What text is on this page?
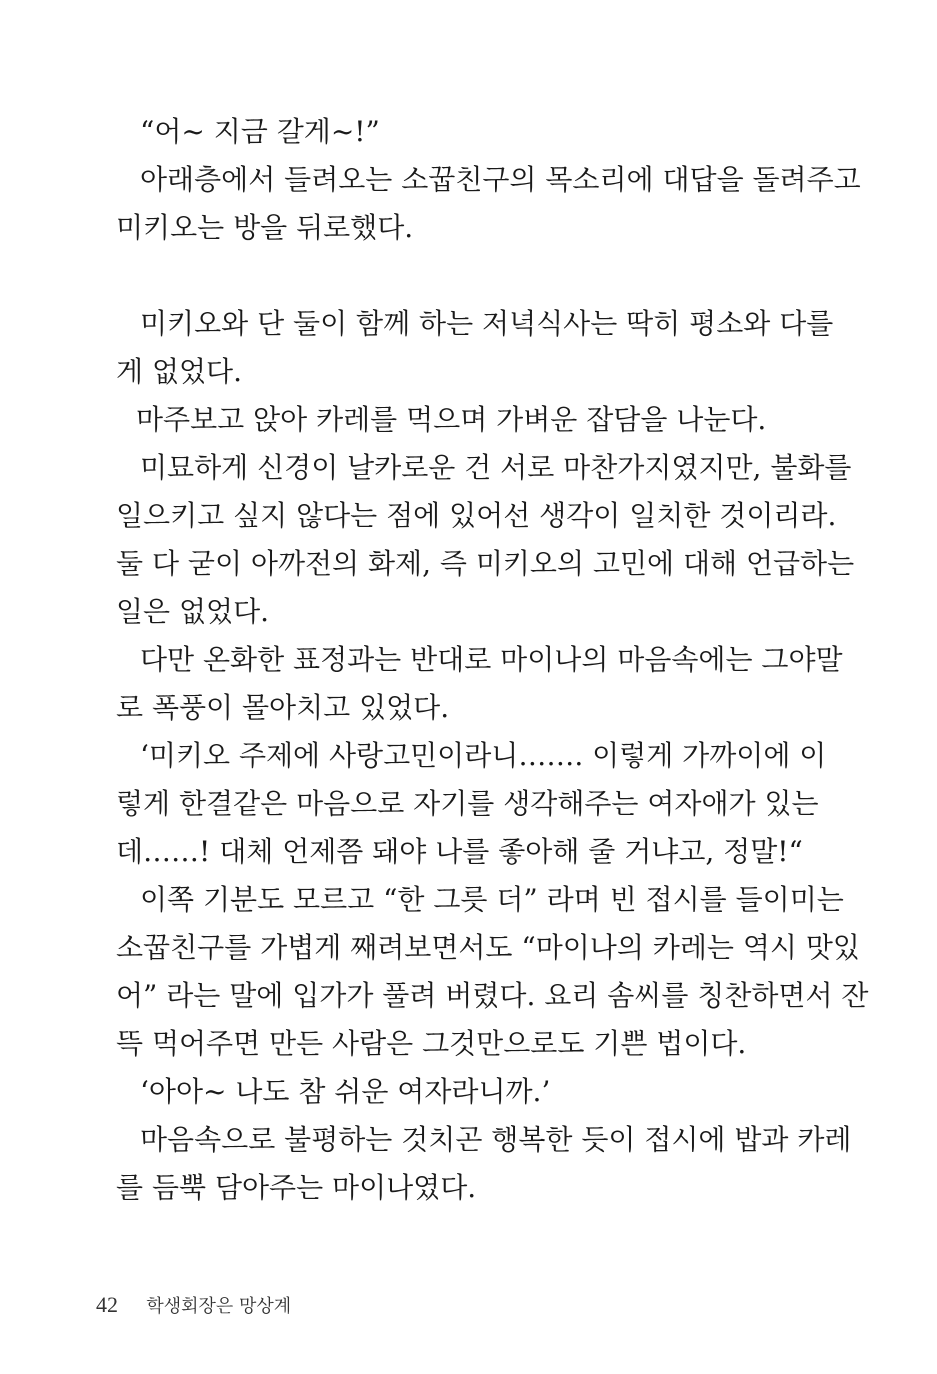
“어~ 지금 갈게~!”
아래층에서 들려오는 소꿉친구의 목소리에 대답을 돌려주고
미키오는 방을 뒤로했다.
미키오와 단 둘이 함께 하는 저녁식사는 딱히 평소와 다를
게 없었다.
마주보고 앉아 카레를 먹으며 가벼운 잡담을 나눈다.
미묘하게 신경이 날카로운 건 서로 마찬가지였지만, 불화를
일으키고 싶지 않다는 점에 있어선 생각이 일치한 것이리라.
둘 다 굳이 아까전의 화제, 즉 미키오의 고민에 대해 언급하는
일은 없었다.
다만 온화한 표정과는 반대로 마이나의 마음속에는 그야말
로 폭풍이 몰아치고 있었다.
‘미키오 주제에 사랑고민이라니……. 이렇게 가까이에 이
렇게 한결같은 마음으로 자기를 생각해주는 여자애가 있는
데……! 대체 언제쯤 돼야 나를 좋아해 줄 거냐고, 정말!“
이쪽 기분도 모르고 “한 그릇 더” 라며 빈 접시를 들이미는
소꿉친구를 가볍게 째려보면서도 “마이나의 카레는 역시 맛있
어” 라는 말에 입가가 풀려 버렸다. 요리 솜씨를 칭찬하면서 잔
뜩 먹어주면 만든 사람은 그것만으로도 기쁜 법이다.
‘아아~ 나도 참 쉬운 여자라니까.’
마음속으로 불평하는 것치곤 행복한 듯이 접시에 밥과 카레
를 듬뿍 담아주는 마이나였다.
42 학생회장은 망상계
